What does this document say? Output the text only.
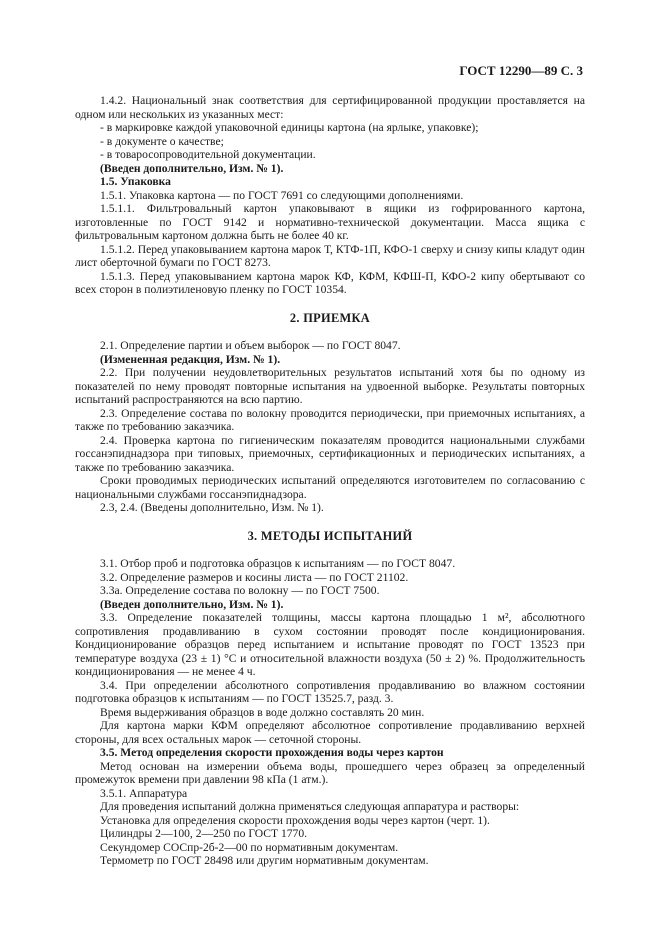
ГОСТ 12290—89 С. 3

1.4.2. Национальный знак соответствия для сертифицированной продукции проставляется на одном или нескольких из указанных мест:

- в маркировке каждой упаковочной единицы картона (на ярлыке, упаковке);

- в документе о качестве;

- в товаросопроводительной документации.

(Введен дополнительно, Изм. № 1).

1.5. Упаковка

1.5.1. Упаковка картона — по ГОСТ 7691 со следующими дополнениями.

1.5.1.1. Фильтровальный картон упаковывают в ящики из гофрированного картона, изготовленные по ГОСТ 9142 и нормативно-технической документации. Масса ящика с фильтровальным картоном должна быть не более 40 кг.

1.5.1.2. Перед упаковыванием картона марок Т, КТФ-1П, КФО-1 сверху и снизу кипы кладут один лист оберточной бумаги по ГОСТ 8273.

1.5.1.3. Перед упаковыванием картона марок КФ, КФМ, КФШ-П, КФО-2 кипу обертывают со всех сторон в полиэтиленовую пленку по ГОСТ 10354.

2. ПРИЕМКА

2.1. Определение партии и объем выборок — по ГОСТ 8047.

(Измененная редакция, Изм. № 1).

2.2. При получении неудовлетворительных результатов испытаний хотя бы по одному из показателей по нему проводят повторные испытания на удвоенной выборке. Результаты повторных испытаний распространяются на всю партию.

2.3. Определение состава по волокну проводится периодически, при приемочных испытаниях, а также по требованию заказчика.

2.4. Проверка картона по гигиеническим показателям проводится национальными службами госсанэпиднадзора при типовых, приемочных, сертификационных и периодических испытаниях, а также по требованию заказчика.

Сроки проводимых периодических испытаний определяются изготовителем по согласованию с национальными службами госсанэпиднадзора.

2.3, 2.4. (Введены дополнительно, Изм. № 1).

3. МЕТОДЫ ИСПЫТАНИЙ

3.1. Отбор проб и подготовка образцов к испытаниям — по ГОСТ 8047.

3.2. Определение размеров и косины листа — по ГОСТ 21102.

3.3а. Определение состава по волокну — по ГОСТ 7500.

(Введен дополнительно, Изм. № 1).

3.3. Определение показателей толщины, массы картона площадью 1 м², абсолютного сопротивления продавливанию в сухом состоянии проводят после кондиционирования. Кондиционирование образцов перед испытанием и испытание проводят по ГОСТ 13523 при температуре воздуха (23 ± 1) °С и относительной влажности воздуха (50 ± 2) %. Продолжительность кондиционирования — не менее 4 ч.

3.4. При определении абсолютного сопротивления продавливанию во влажном состоянии подготовка образцов к испытаниям — по ГОСТ 13525.7, разд. 3.

Время выдерживания образцов в воде должно составлять 20 мин.

Для картона марки КФМ определяют абсолютное сопротивление продавливанию верхней стороны, для всех остальных марок — сеточной стороны.

3.5. Метод определения скорости прохождения воды через картон

Метод основан на измерении объема воды, прошедшего через образец за определенный промежуток времени при давлении 98 кПа (1 атм.).

3.5.1. Аппаратура

Для проведения испытаний должна применяться следующая аппаратура и растворы:

Установка для определения скорости прохождения воды через картон (черт. 1).

Цилиндры 2—100, 2—250 по ГОСТ 1770.

Секундомер СОСпр-2б-2—00 по нормативным документам.

Термометр по ГОСТ 28498 или другим нормативным документам.
